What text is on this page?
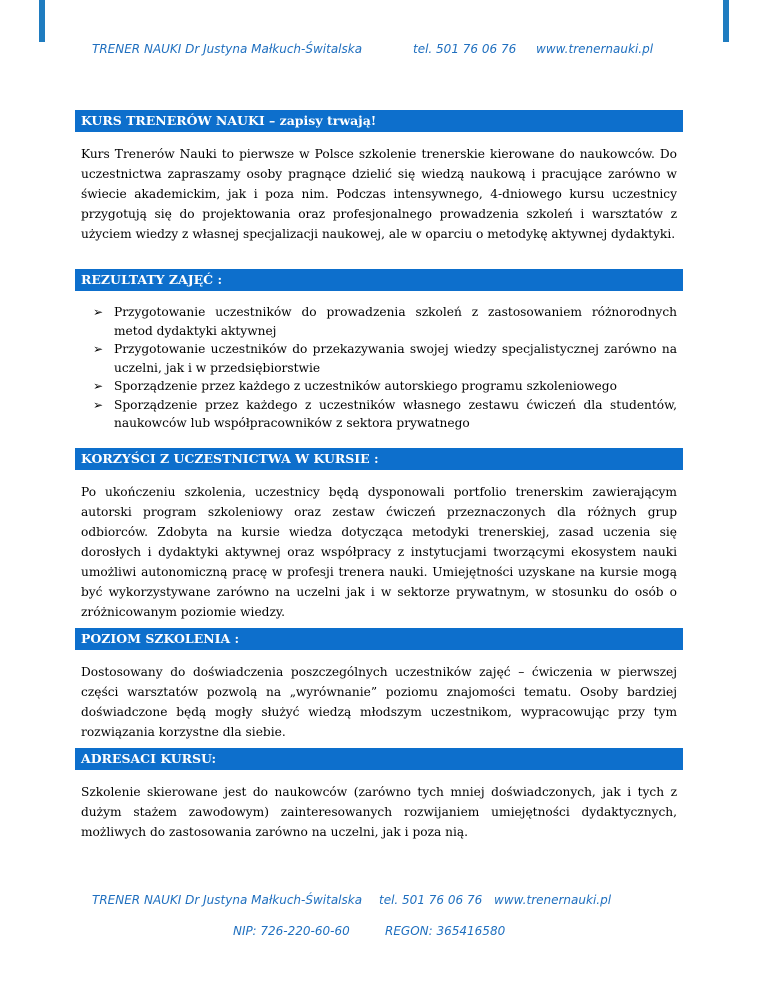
TRENER NAUKI Dr Justyna Małkuch-Świtalska	tel. 501 76 06 76 www.trenernauki.pl
KURS TRENERÓW NAUKI – zapisy trwają!

Kurs Trenerów Nauki to pierwsze w Polsce szkolenie trenerskie kierowane do naukowców. Do uczestnictwa zapraszamy osoby pragnące dzielić się wiedzą naukową i pracujące zarówno w świecie akademickim, jak i poza nim. Podczas intensywnego, 4-dniowego kursu uczestnicy przygotują się do projektowania oraz profesjonalnego prowadzenia szkoleń i warsztatów z użyciem wiedzy z własnej specjalizacji naukowej, ale w oparciu o metodykę aktywnej dydaktyki.

REZULTATY ZAJĘĆ :
➢ Przygotowanie uczestników do prowadzenia szkoleń z zastosowaniem różnorodnych metod dydaktyki aktywnej
➢ Przygotowanie uczestników do przekazywania swojej wiedzy specjalistycznej zarówno na uczelni, jak i w przedsiębiorstwie
➢ Sporządzenie przez każdego z uczestników autorskiego programu szkoleniowego
➢ Sporządzenie przez każdego z uczestników własnego zestawu ćwiczeń dla studentów, naukowców lub współpracowników z sektora prywatnego
KORZYŚCI Z UCZESTNICTWA W KURSIE :

Po ukończeniu szkolenia, uczestnicy będą dysponowali portfolio trenerskim zawierającym autorski program szkoleniowy oraz zestaw ćwiczeń przeznaczonych dla różnych grup odbiorców. Zdobyta na kursie wiedza dotycząca metodyki trenerskiej, zasad uczenia się dorosłych i dydaktyki aktywnej oraz współpracy z instytucjami tworzącymi ekosystem nauki umożliwi autonomiczną pracę w profesji trenera nauki. Umiejętności uzyskane na kursie mogą być wykorzystywane zarówno na uczelni jak i w sektorze prywatnym, w stosunku do osób o zróżnicowanym poziomie wiedzy.

POZIOM SZKOLENIA :

Dostosowany do doświadczenia poszczególnych uczestników zajęć – ćwiczenia w pierwszej części warsztatów pozwolą na „wyrównanie” poziomu znajomości tematu. Osoby bardziej doświadczone będą mogły służyć wiedzą młodszym uczestnikom, wypracowując przy tym rozwiązania korzystne dla siebie.

ADRESACI KURSU:

Szkolenie skierowane jest do naukowców (zarówno tych mniej doświadczonych, jak i tych z dużym stażem zawodowym) zainteresowanych rozwijaniem umiejętności dydaktycznych, możliwych do zastosowania zarówno na uczelni, jak i poza nią.

TRENER NAUKI Dr Justyna Małkuch-Świtalska tel. 501 76 06 76 www.trenernauki.pl
NIP: 726-220-60-60	REGON: 365416580
